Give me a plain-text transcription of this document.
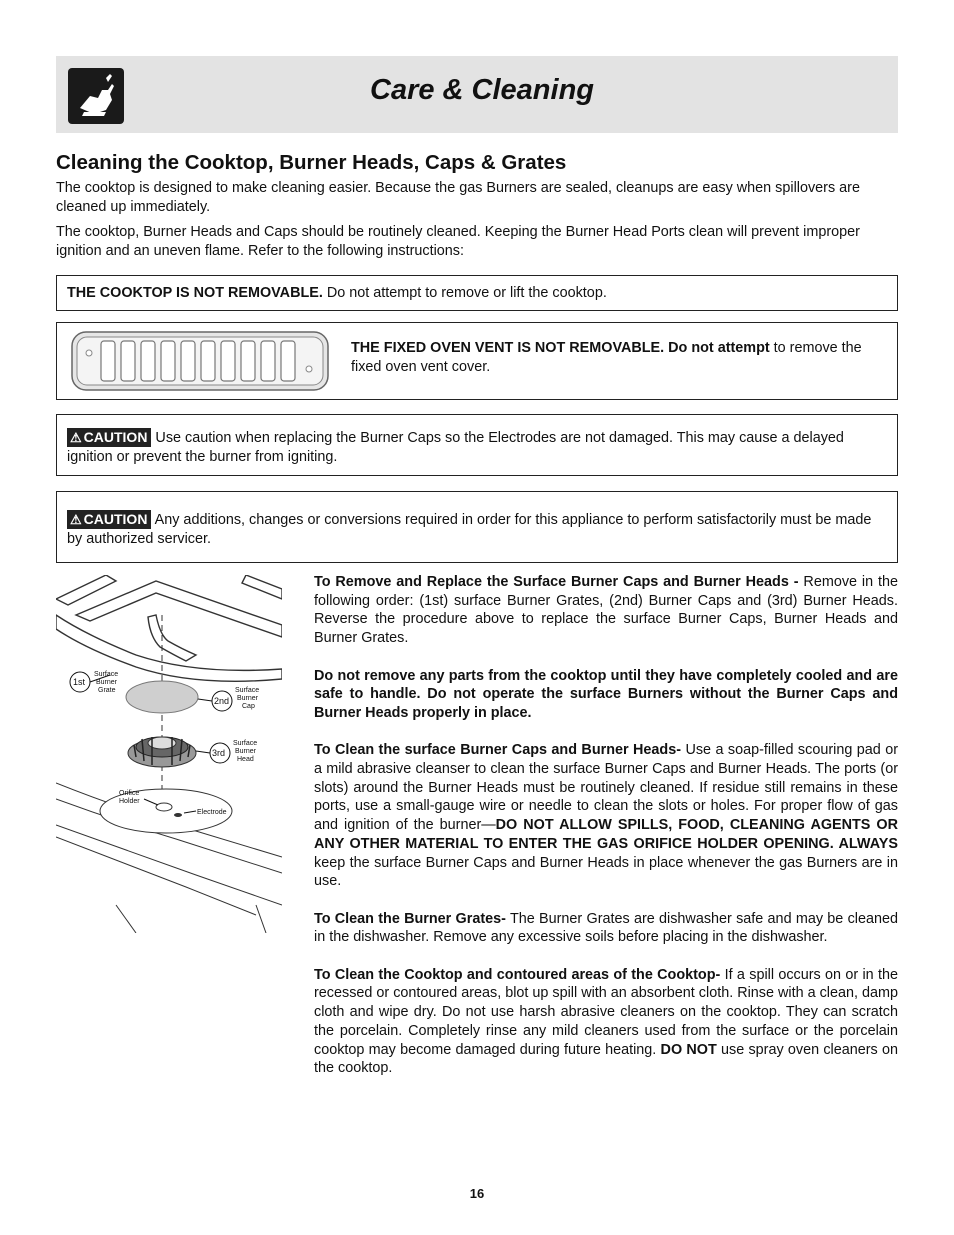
Care & Cleaning
Cleaning the Cooktop, Burner Heads, Caps & Grates
The cooktop is designed to make cleaning easier. Because the gas Burners are sealed, cleanups are easy when spillovers are cleaned up immediately.
The cooktop, Burner Heads and Caps should be routinely cleaned. Keeping the Burner Head Ports clean will prevent improper ignition and an uneven flame. Refer to the following instructions:
THE COOKTOP IS NOT REMOVABLE. Do not attempt to remove or lift the cooktop.
THE FIXED OVEN VENT IS NOT REMOVABLE. Do not attempt to remove the fixed oven vent cover.
⚠ CAUTION Use caution when replacing the Burner Caps so the Electrodes are not damaged. This may cause a delayed ignition or prevent the burner from igniting.
⚠ CAUTION Any additions, changes or conversions required in order for this appliance to perform satisfactorily must be made by authorized servicer.
1st
2nd
3rd
Surface
Burner
Grate	Surface
Burner
Cap
Surface
Burner
Head
Orifice
Holder
Electrode

To Remove and Replace the Surface Burner Caps and Burner Heads - Remove in the following order: (1st) surface Burner Grates, (2nd) Burner Caps and (3rd) Burner Heads. Reverse the procedure above to replace the surface Burner Caps, Burner Heads and Burner Grates.

Do not remove any parts from the cooktop until they have completely cooled and are safe to handle. Do not operate the surface Burners without the Burner Caps and Burner Heads properly in place.

To Clean the surface Burner Caps and Burner Heads- Use a soap-filled scouring pad or a mild abrasive cleanser to clean the surface Burner Caps and Burner Heads. The ports (or slots) around the Burner Heads must be routinely cleaned. If residue still remains in these ports, use a small-gauge wire or needle to clean the slots or holes. For proper flow of gas and ignition of the burner—DO NOT ALLOW SPILLS, FOOD, CLEANING AGENTS OR ANY OTHER MATERIAL TO ENTER THE GAS ORIFICE HOLDER OPENING. ALWAYS keep the surface Burner Caps and Burner Heads in place whenever the gas Burners are in use.

To Clean the Burner Grates- The Burner Grates are dishwasher safe and may be cleaned in the dishwasher. Remove any excessive soils before placing in the dishwasher.

To Clean the Cooktop and contoured areas of the Cooktop- If a spill occurs on or in the recessed or contoured areas, blot up spill with an absorbent cloth. Rinse with a clean, damp cloth and wipe dry. Do not use harsh abrasive cleaners on the cooktop. They can scratch the porcelain. Completely rinse any mild cleaners used from the surface or the porcelain cooktop may become damaged during future heating. DO NOT use spray oven cleaners on the cooktop.

16
